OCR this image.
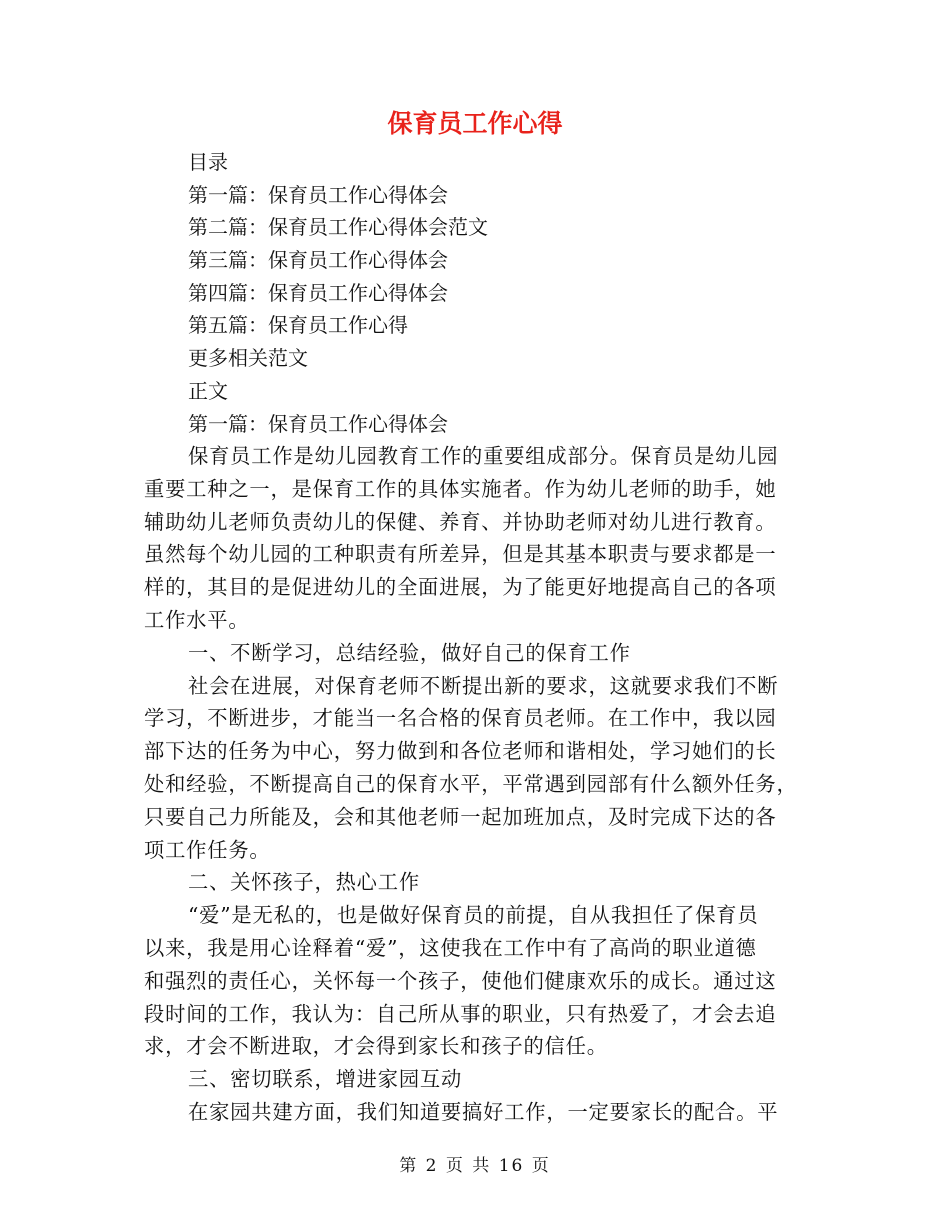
保育员工作心得
目录
第一篇：保育员工作心得体会
第二篇：保育员工作心得体会范文
第三篇：保育员工作心得体会
第四篇：保育员工作心得体会
第五篇：保育员工作心得
更多相关范文
正文
第一篇：保育员工作心得体会
保育员工作是幼儿园教育工作的重要组成部分。保育员是幼儿园
重要工种之一，是保育工作的具体实施者。作为幼儿老师的助手，她
辅助幼儿老师负责幼儿的保健、养育、并协助老师对幼儿进行教育。
虽然每个幼儿园的工种职责有所差异，但是其基本职责与要求都是一
样的，其目的是促进幼儿的全面进展，为了能更好地提高自己的各项
工作水平。
一、不断学习，总结经验，做好自己的保育工作
社会在进展，对保育老师不断提出新的要求，这就要求我们不断
学习，不断进步，才能当一名合格的保育员老师。在工作中，我以园
部下达的任务为中心，努力做到和各位老师和谐相处，学习她们的长
处和经验，不断提高自己的保育水平，平常遇到园部有什么额外任务，
只要自己力所能及，会和其他老师一起加班加点，及时完成下达的各
项工作任务。
二、关怀孩子，热心工作
“爱”是无私的，也是做好保育员的前提，自从我担任了保育员
以来，我是用心诠释着“爱”，这使我在工作中有了高尚的职业道德
和强烈的责任心，关怀每一个孩子，使他们健康欢乐的成长。通过这
段时间的工作，我认为：自己所从事的职业，只有热爱了，才会去追
求，才会不断进取，才会得到家长和孩子的信任。
三、密切联系，增进家园互动
在家园共建方面，我们知道要搞好工作，一定要家长的配合。平
第 2 页 共 16 页
